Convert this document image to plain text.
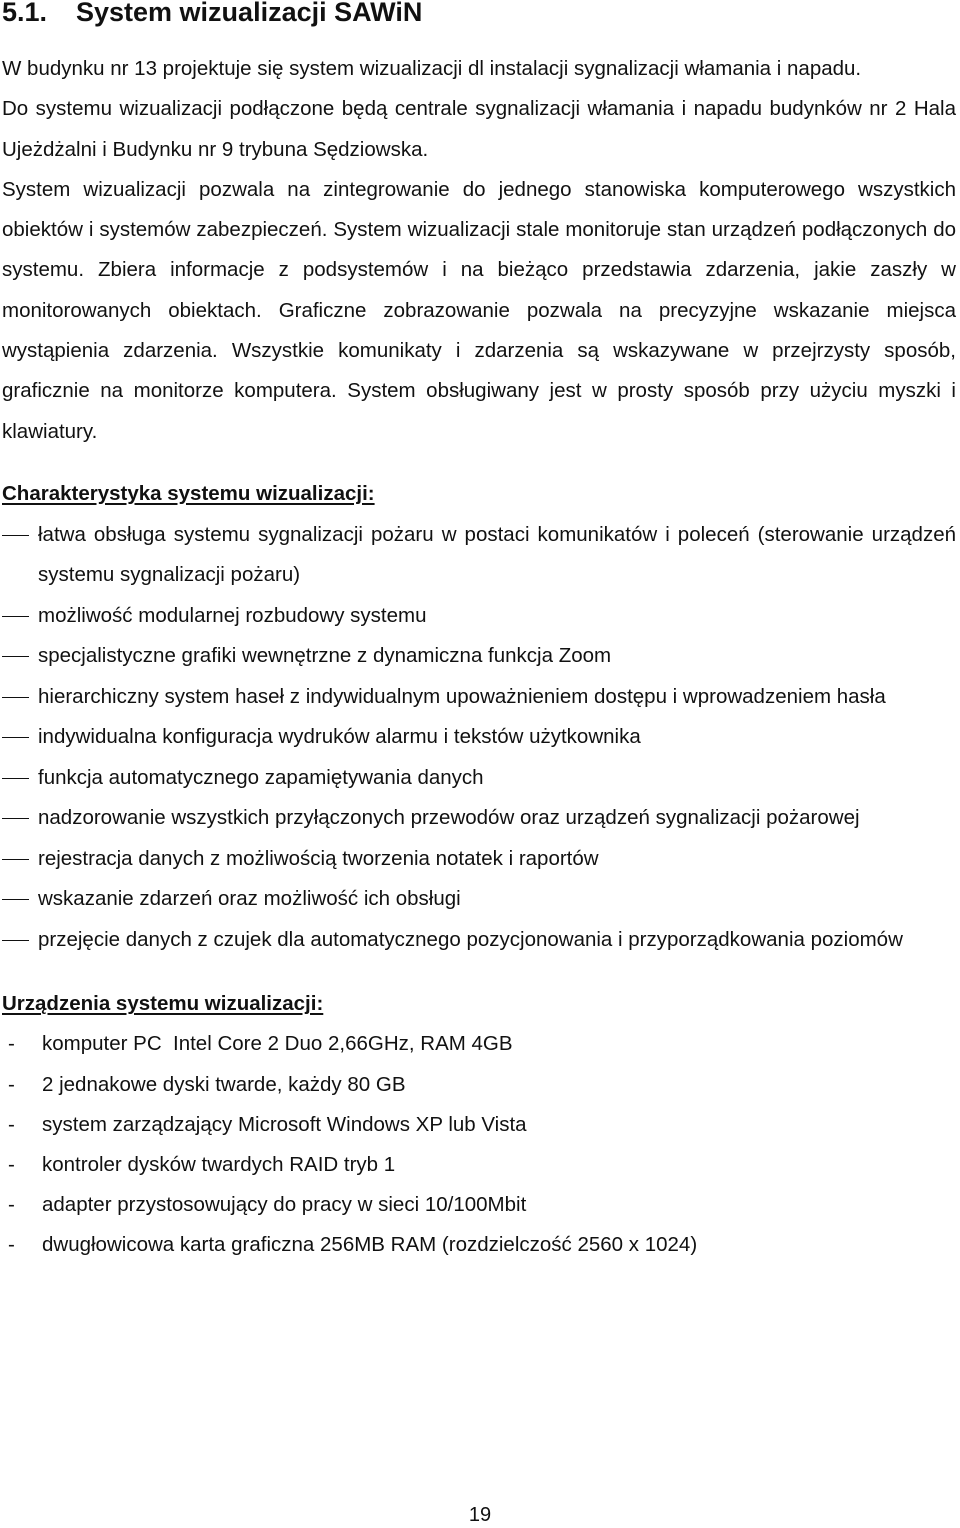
5.1. System wizualizacji SAWiN

W budynku nr 13 projektuje się system wizualizacji dl instalacji sygnalizacji włamania i napadu.

Do systemu wizualizacji podłączone będą centrale sygnalizacji włamania i napadu budynków nr 2 Hala Ujeżdżalni i Budynku nr 9 trybuna Sędziowska.

System wizualizacji pozwala na zintegrowanie do jednego stanowiska komputerowego wszystkich obiektów i systemów zabezpieczeń. System wizualizacji stale monitoruje stan urządzeń podłączonych do systemu. Zbiera informacje z podsystemów i na bieżąco przedstawia zdarzenia, jakie zaszły w monitorowanych obiektach. Graficzne zobrazowanie pozwala na precyzyjne wskazanie miejsca wystąpienia zdarzenia. Wszystkie komunikaty i zdarzenia są wskazywane w przejrzysty sposób, graficznie na monitorze komputera. System obsługiwany jest w prosty sposób przy użyciu myszki i klawiatury.

Charakterystyka systemu wizualizacji:
łatwa obsługa systemu sygnalizacji pożaru w postaci komunikatów i poleceń (sterowanie urządzeń systemu sygnalizacji pożaru)
możliwość modularnej rozbudowy systemu
specjalistyczne grafiki wewnętrzne z dynamiczna funkcja Zoom
hierarchiczny system haseł z indywidualnym upoważnieniem dostępu i wprowadzeniem hasła
indywidualna konfiguracja wydruków alarmu i tekstów użytkownika
funkcja automatycznego zapamiętywania danych
nadzorowanie wszystkich przyłączonych przewodów oraz urządzeń sygnalizacji pożarowej
rejestracja danych z możliwością tworzenia notatek i raportów
wskazanie zdarzeń oraz możliwość ich obsługi
przejęcie danych z czujek dla automatycznego pozycjonowania i przyporządkowania poziomów
Urządzenia systemu wizualizacji:
- komputer PC  Intel Core 2 Duo 2,66GHz, RAM 4GB
- 2 jednakowe dyski twarde, każdy 80 GB
- system zarządzający Microsoft Windows XP lub Vista
- kontroler dysków twardych RAID tryb 1
- adapter przystosowujący do pracy w sieci 10/100Mbit
- dwugłowicowa karta graficzna 256MB RAM (rozdzielczość 2560 x 1024)
19
